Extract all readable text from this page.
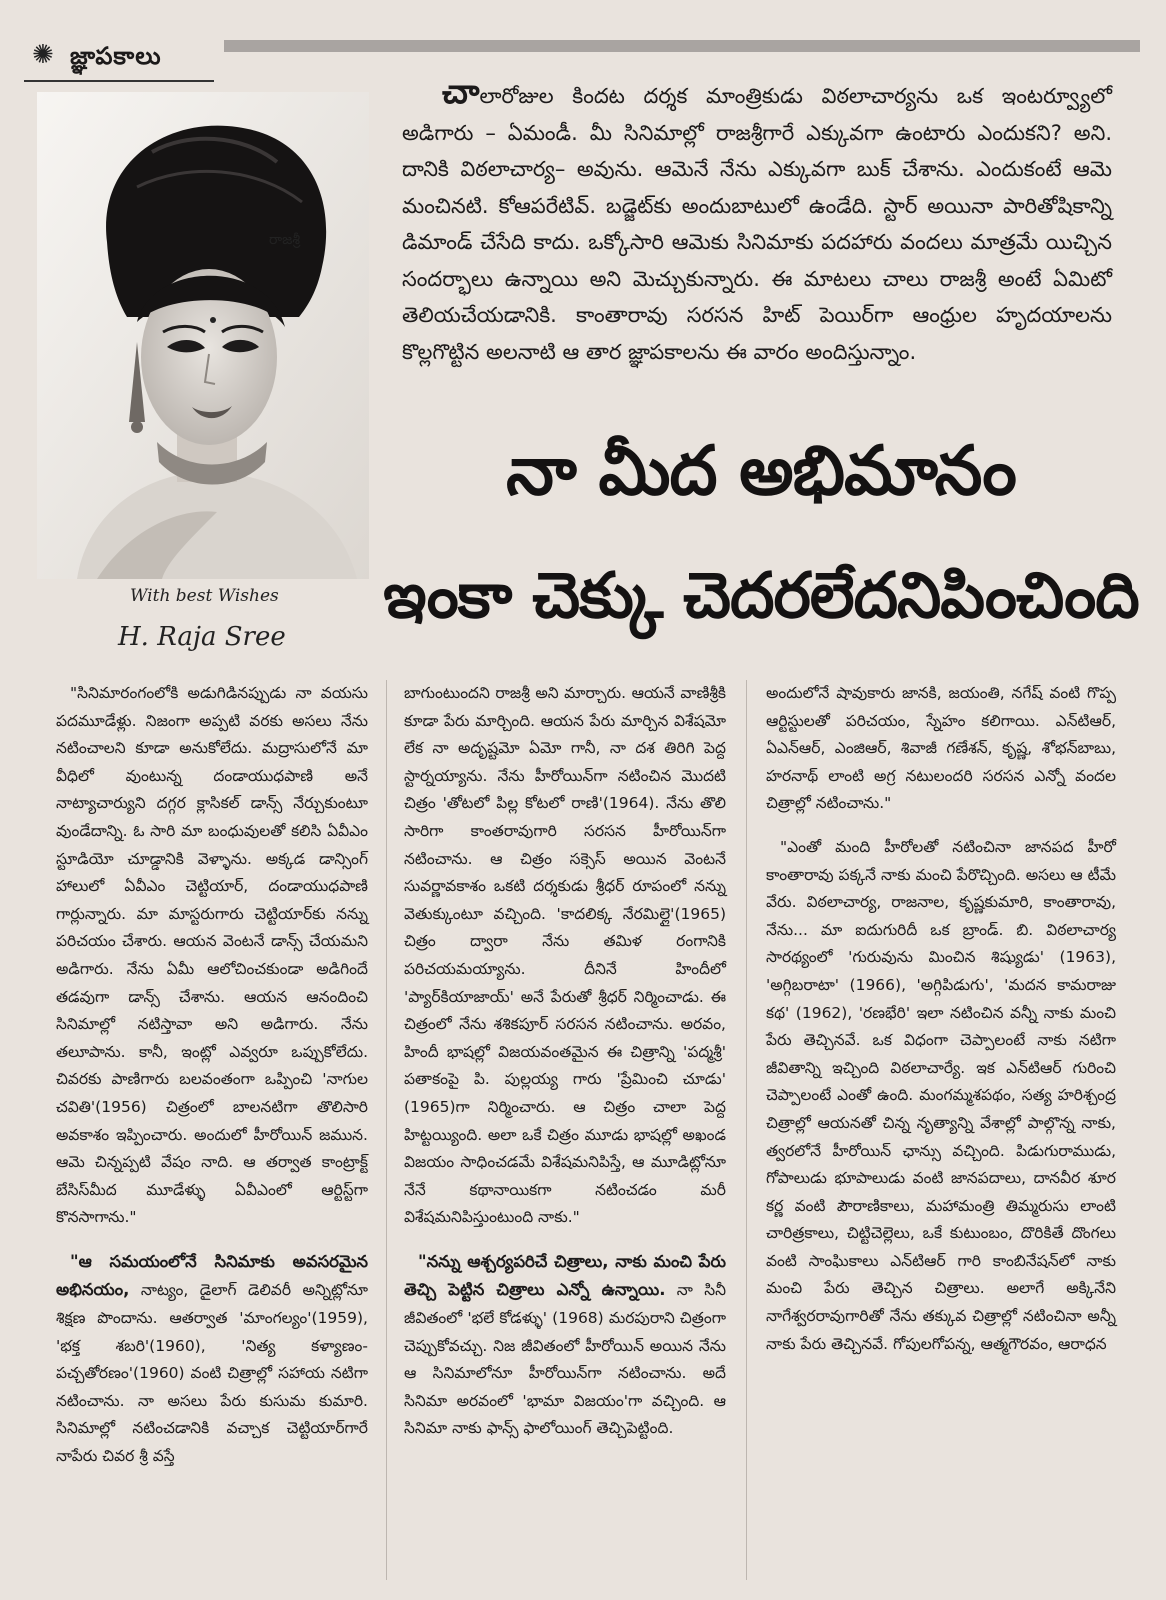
✺ జ్ఞాపకాలు
రాజశ్రీ
With best Wishes
H. Raja Sree
చాలారోజుల కిందట దర్శక మాంత్రికుడు విఠలాచార్యను ఒక ఇంటర్వ్యూలో అడిగారు – ఏమండీ. మీ సినిమాల్లో రాజశ్రీగారే ఎక్కువగా ఉంటారు ఎందుకని? అని. దానికి విఠలాచార్య– అవును. ఆమెనే నేను ఎక్కువగా బుక్ చేశాను. ఎందుకంటే ఆమె మంచినటి. కోఆపరేటివ్. బడ్జెట్‌కు అందుబాటులో ఉండేది. స్టార్ అయినా పారితోషికాన్ని డిమాండ్ చేసేది కాదు. ఒక్కోసారి ఆమెకు సినిమాకు పదహారు వందలు మాత్రమే యిచ్చిన సందర్భాలు ఉన్నాయి అని మెచ్చుకున్నారు. ఈ మాటలు చాలు రాజశ్రీ అంటే ఏమిటో తెలియచేయడానికి. కాంతారావు సరసన హిట్ పెయిర్‌గా ఆంధ్రుల హృదయాలను కొల్లగొట్టిన అలనాటి ఆ తార జ్ఞాపకాలను ఈ వారం అందిస్తున్నాం.
నా మీద అభిమానం
ఇంకా చెక్కు చెదరలేదనిపించింది

"సినిమారంగంలోకి అడుగిడినప్పుడు నా వయసు పదమూడేళ్లు. నిజంగా అప్పటి వరకు అసలు నేను నటించాలని కూడా అనుకోలేదు. మద్రాసులోనే మా వీధిలో వుంటున్న దండాయుధపాణి అనే నాట్యాచార్యుని దగ్గర క్లాసికల్ డాన్స్ నేర్చుకుంటూ వుండేదాన్ని. ఓ సారి మా బంధువులతో కలిసి ఏవీఎం స్టూడియో చూడ్డానికి వెళ్ళాను. అక్కడ డాన్సింగ్ హాలులో ఏవీఎం చెట్టియార్, దండాయుధపాణి గార్లున్నారు. మా మాస్టరుగారు చెట్టియార్‌కు నన్ను పరిచయం చేశారు. ఆయన వెంటనే డాన్స్ చేయమని అడిగారు. నేను ఏమీ ఆలోచించకుండా అడిగిందే తడవుగా డాన్స్ చేశాను. ఆయన ఆనందించి సినిమాల్లో నటిస్తావా అని అడిగారు. నేను తలూపాను. కానీ, ఇంట్లో ఎవ్వరూ ఒప్పుకోలేదు. చివరకు పాణిగారు బలవంతంగా ఒప్పించి 'నాగుల చవితి'(1956) చిత్రంలో బాలనటిగా తొలిసారి అవకాశం ఇప్పించారు. అందులో హీరోయిన్ జమున. ఆమె చిన్నప్పటి వేషం నాది. ఆ తర్వాత కాంట్రాక్ట్ బేసిస్‌మీద మూడేళ్ళు ఏవీఎంలో ఆర్టిస్ట్‌గా కొనసాగాను."

"ఆ సమయంలోనే సినిమాకు అవసరమైన అభినయం, నాట్యం, డైలాగ్ డెలివరీ అన్నిట్లోనూ శిక్షణ పొందాను. ఆతర్వాత 'మాంగల్యం'(1959), 'భక్త శబరి'(1960), 'నిత్య కళ్యాణం-పచ్చతోరణం'(1960) వంటి చిత్రాల్లో సహాయ నటిగా నటించాను. నా అసలు పేరు కుసుమ కుమారి. సినిమాల్లో నటించడానికి వచ్చాక చెట్టియార్‌గారే నాపేరు చివర శ్రీ వస్తే

బాగుంటుందని రాజశ్రీ అని మార్చారు. ఆయనే వాణిశ్రీకి కూడా పేరు మార్చింది. ఆయన పేరు మార్చిన విశేషమో లేక నా అదృష్టమో ఏమో గానీ, నా దశ తిరిగి పెద్ద స్టార్నయ్యాను. నేను హీరోయిన్‌గా నటించిన మొదటి చిత్రం 'తోటలో పిల్ల కోటలో రాణి'(1964). నేను తొలి సారిగా కాంతరావుగారి సరసన హీరోయిన్‌గా నటించాను. ఆ చిత్రం సక్సెస్ అయిన వెంటనే సువర్ణావకాశం ఒకటి దర్శకుడు శ్రీధర్ రూపంలో నన్ను వెతుక్కుంటూ వచ్చింది. 'కాదలిక్క నేరమిల్లై'(1965) చిత్రం ద్వారా నేను తమిళ రంగానికి పరిచయమయ్యాను. దీనినే హిందీలో 'ప్యార్‌కియాజాయ్' అనే పేరుతో శ్రీధర్ నిర్మించాడు. ఈ చిత్రంలో నేను శశికపూర్ సరసన నటించాను. అరవం, హిందీ భాషల్లో విజయవంతమైన ఈ చిత్రాన్ని 'పద్మశ్రీ' పతాకంపై పి. పుల్లయ్య గారు 'ప్రేమించి చూడు' (1965)గా నిర్మించారు. ఆ చిత్రం చాలా పెద్ద హిట్టయ్యింది. అలా ఒకే చిత్రం మూడు భాషల్లో అఖండ విజయం సాధించడమే విశేషమనిపిస్తే, ఆ మూడిట్లోనూ నేనే కథానాయికగా నటించడం మరీ విశేషమనిపిస్తుంటుంది నాకు."

"నన్ను ఆశ్చర్యపరిచే చిత్రాలు, నాకు మంచి పేరు తెచ్చి పెట్టిన చిత్రాలు ఎన్నో ఉన్నాయి. నా సినీ జీవితంలో 'భలే కోడళ్ళు' (1968) మరపురాని చిత్రంగా చెప్పుకోవచ్చు. నిజ జీవితంలో హీరోయిన్ అయిన నేను ఆ సినిమాలోనూ హీరోయిన్‌గా నటించాను. అదే సినిమా అరవంలో 'భామా విజయం'గా వచ్చింది. ఆ సినిమా నాకు ఫాన్స్ ఫాలోయింగ్ తెచ్చిపెట్టింది.

అందులోనే షావుకారు జానకి, జయంతి, నగేష్ వంటి గొప్ప ఆర్టిస్టులతో పరిచయం, స్నేహం కలిగాయి. ఎన్‌టిఆర్, ఏఎన్‌ఆర్, ఎంజిఆర్, శివాజీ గణేశన్, కృష్ణ, శోభన్‌బాబు, హరనాథ్ లాంటి అగ్ర నటులందరి సరసన ఎన్నో వందల చిత్రాల్లో నటించాను."

"ఎంతో మంది హీరోలతో నటించినా జానపద హీరో కాంతారావు పక్కనే నాకు మంచి పేరొచ్చింది. అసలు ఆ టీమే వేరు. విఠలాచార్య, రాజనాల, కృష్ణకుమారి, కాంతారావు, నేను... మా ఐదుగురిదీ ఒక బ్రాండ్. బి. విఠలాచార్య సారథ్యంలో 'గురువును మించిన శిష్యుడు' (1963), 'అగ్గిబరాటా' (1966), 'అగ్గిపిడుగు', 'మదన కామరాజు కథ' (1962), 'రణభేరి' ఇలా నటించిన వన్నీ నాకు మంచి పేరు తెచ్చినవే. ఒక విధంగా చెప్పాలంటే నాకు నటిగా జీవితాన్ని ఇచ్చింది విఠలాచార్యే. ఇక ఎన్‌టిఆర్ గురించి చెప్పాలంటే ఎంతో ఉంది. మంగమ్మశపథం, సత్య హరిశ్చంద్ర చిత్రాల్లో ఆయనతో చిన్న నృత్యాన్ని వేశాల్లో పాల్గొన్న నాకు, త్వరలోనే హీరోయిన్ ఛాన్సు వచ్చింది. పిడుగురాముడు, గోపాలుడు భూపాలుడు వంటి జానపదాలు, దానవీర శూర కర్ణ వంటి పౌరాణికాలు, మహామంత్రి తిమ్మరుసు లాంటి చారిత్రకాలు, చిట్టిచెల్లెలు, ఒకే కుటుంబం, దొరికితే దొంగలు వంటి సాంఘికాలు ఎన్‌టిఆర్ గారి కాంబినేషన్‌లో నాకు మంచి పేరు తెచ్చిన చిత్రాలు. అలాగే అక్కినేని నాగేశ్వరరావుగారితో నేను తక్కువ చిత్రాల్లో నటించినా అన్నీ నాకు పేరు తెచ్చినవే. గోపులగోపన్న, ఆత్మగౌరవం, ఆరాధన
